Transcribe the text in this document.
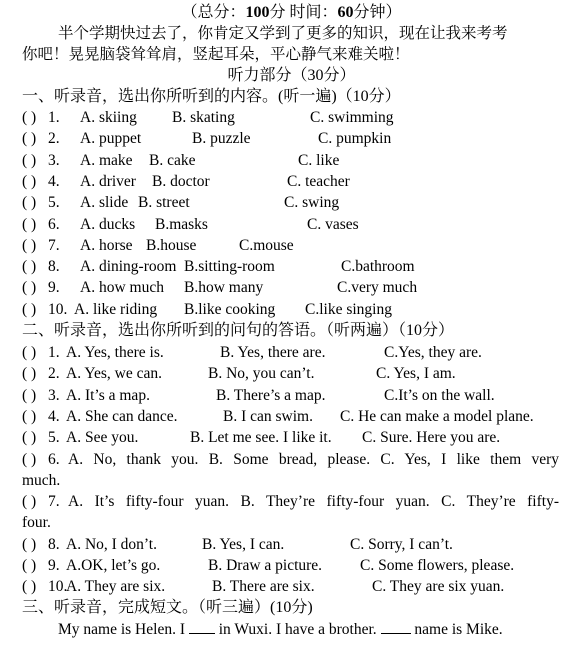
（总分：100分 时间：60分钟）
半个学期快过去了，你肯定又学到了更多的知识，现在让我来考考
你吧！晃晃脑袋耸耸肩，竖起耳朵，平心静气来难关啦！
听力部分（30分）
一、听录音，选出你所听到的内容。(听一遍)（10分）
( ) 1. A. skiing B. skating	C. swimming
( ) 2. A. puppet	B. puzzle	C. pumpkin
( ) 3. A. make B. cake	C. like
( ) 4. A. driver B. doctor	C. teacher
( ) 5. A. slide B. street	C. swing
( ) 6. A. ducks B.masks	C. vases
( ) 7. A. horse B.house	C.mouse
( ) 8. A. dining-room B.sitting-room	C.bathroom
( ) 9. A. how much B.how many	C.very much
( ) 10. A. like riding B.like cooking C.like singing
二、听录音，选出你所听到的问句的答语。（听两遍）（10分）
( ) 1. A. Yes, there is.	B. Yes, there are.	C.Yes, they are.
( ) 2. A. Yes, we can.	B. No, you can’t.	C. Yes, I am.
( ) 3. A. It’s a map.	B. There’s a map.	C.It’s on the wall.
( ) 4. A. She can dance.	B. I can swim. C. He can make a model plane.
( ) 5. A. See you.	B. Let me see. I like it. C. Sure. Here you are.
( ) 6. A. No, thank you. B. Some bread, please. C. Yes, I like them very
much.
( ) 7. A. It’s fifty-four yuan. B. They’re fifty-four yuan. C. They’re fifty-
four.
( ) 8. A. No, I don’t.	B. Yes, I can.	C. Sorry, I can’t.
( ) 9. A.OK, let’s go.	B. Draw a picture. C. Some flowers, please.
( ) 10.
A. They are six.	B. There are six.	C. They are six yuan.
三、听录音，完成短文。（听三遍）(10分)
My name is Helen. I in Wuxi. I have a brother. name is Mike.
